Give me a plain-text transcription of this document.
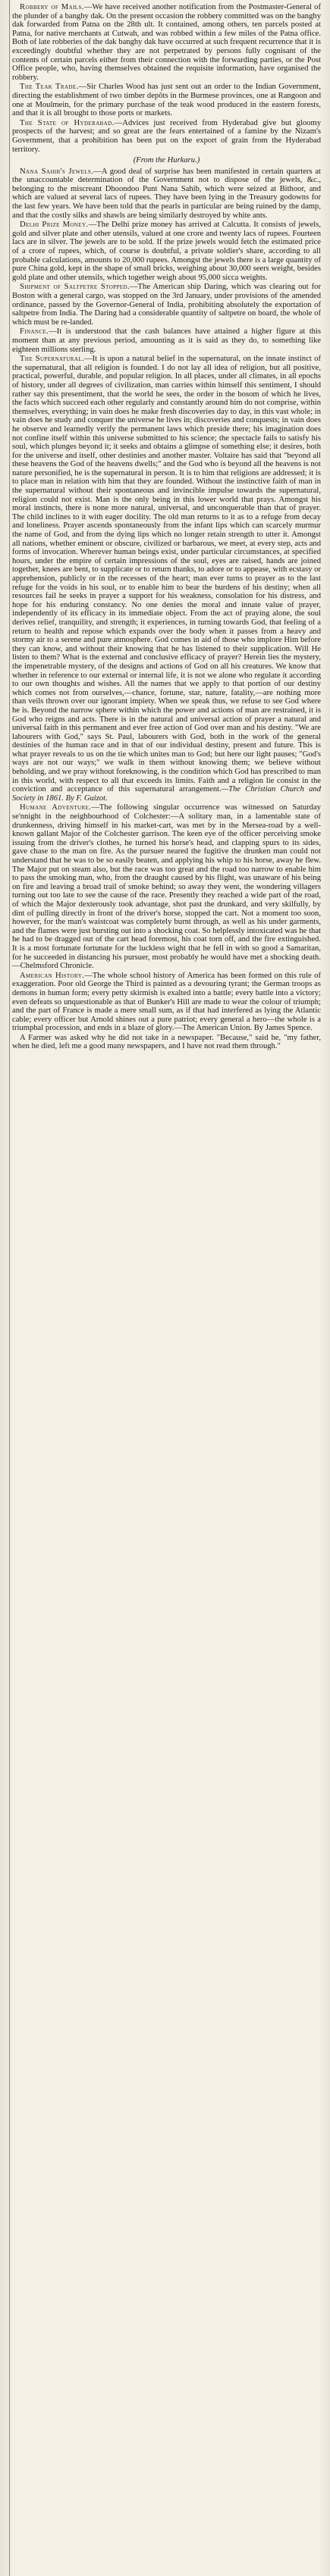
Robbery of Mails.—We have received another notification from the Postmaster-General of the plunder of a banghy dak. On the present occasion the robbery committed was on the banghy dak forwarded from Patna on the 28th ult. It contained, among others, ten parcels posted at Patna, for native merchants at Cutwah, and was robbed within a few miles of the Patna office. Both of late robberies of the dak banghy dak have occurred at such frequent recurrence that it is exceedingly doubtful whether they are not perpetrated by persons fully cognisant of the contents of certain parcels either from their connection with the forwarding parties, or the Post Office people, who, having themselves obtained the requisite information, have organised the robbery.

The Teak Trade.—Sir Charles Wood has just sent out an order to the Indian Government, directing the establishment of two timber depôts in the Burmese provinces, one at Rangoon and one at Moulmein, for the primary purchase of the teak wood produced in the eastern forests, and that it is all brought to those ports or markets.

The State of Hyderabad.—Advices just received from Hyderabad give but gloomy prospects of the harvest; and so great are the fears entertained of a famine by the Nizam's Government, that a prohibition has been put on the export of grain from the Hyderabad territory.

(From the Hurkaru.)

Nana Sahib's Jewels.—A good deal of surprise has been manifested in certain quarters at the unaccountable determination of the Government not to dispose of the jewels, &c., belonging to the miscreant Dhoondoo Punt Nana Sahib, which were seized at Bithoor, and which are valued at several lacs of rupees. They have been lying in the Treasury godowns for the last few years. We have been told that the pearls in particular are being ruined by the damp, and that the costly silks and shawls are being similarly destroyed by white ants.

Delhi Prize Money.—The Delhi prize money has arrived at Calcutta. It consists of jewels, gold and silver plate and other utensils, valued at one crore and twenty lacs of rupees. Fourteen lacs are in silver. The jewels are to be sold. If the prize jewels would fetch the estimated price of a crore of rupees, which, of course is doubtful, a private soldier's share, according to all probable calculations, amounts to 20,000 rupees. Amongst the jewels there is a large quantity of pure China gold, kept in the shape of small bricks, weighing about 30,000 seers weight, besides gold plate and other utensils, which together weigh about 95,000 sicca weights.

Shipment of Saltpetre Stopped.—The American ship Daring, which was clearing out for Boston with a general cargo, was stopped on the 3rd January, under provisions of the amended ordinance, passed by the Governor-General of India, prohibiting absolutely the exportation of saltpetre from India. The Daring had a considerable quantity of saltpetre on board, the whole of which must be re-landed.

Finance.—It is understood that the cash balances have attained a higher figure at this moment than at any previous period, amounting as it is said as they do, to something like eighteen millions sterling.

The Supernatural.—It is upon a natural belief in the supernatural, on the innate instinct of the supernatural, that all religion is founded. I do not lay all idea of religion, but all positive, practical, powerful, durable, and popular religion. In all places, under all climates, in all epochs of history, under all degrees of civilization, man carries within himself this sentiment, I should rather say this presentiment, that the world he sees, the order in the bosom of which he lives, the facts which succeed each other regularly and constantly around him do not comprise, within themselves, everything; in vain does he make fresh discoveries day to day, in this vast whole; in vain does he study and conquer the universe he lives in; discoveries and conquests; in vain does he observe and learnedly verify the permanent laws which preside there; his imagination does not confine itself within this universe submitted to his science; the spectacle fails to satisfy his soul, which plunges beyond it; it seeks and obtains a glimpse of something else; it desires, both for the universe and itself, other destinies and another master. Voltaire has said that "beyond all these heavens the God of the heavens dwells;" and the God who is beyond all the heavens is not nature personified, he is the supernatural in person. It is to him that religions are addressed; it is to place man in relation with him that they are founded. Without the instinctive faith of man in the supernatural without their spontaneous and invincible impulse towards the supernatural, religion could not exist. Man is the only being in this lower world that prays. Amongst his moral instincts, there is none more natural, universal, and unconquerable than that of prayer. The child inclines to it with eager docility. The old man returns to it as to a refuge from decay and loneliness. Prayer ascends spontaneously from the infant lips which can scarcely murmur the name of God, and from the dying lips which no longer retain strength to utter it. Amongst all nations, whether eminent or obscure, civilized or barbarous, we meet, at every step, acts and forms of invocation. Wherever human beings exist, under particular circumstances, at specified hours, under the empire of certain impressions of the soul, eyes are raised, hands are joined together, knees are bent, to supplicate or to return thanks, to adore or to appease, with ecstasy or apprehension, publicly or in the recesses of the heart; man ever turns to prayer as to the last refuge for the voids in his soul, or to enable him to bear the burdens of his destiny; when all resources fail he seeks in prayer a support for his weakness, consolation for his distress, and hope for his enduring constancy. No one denies the moral and innate value of prayer, independently of its efficacy in its immediate object. From the act of praying alone, the soul derives relief, tranquility, and strength; it experiences, in turning towards God, that feeling of a return to health and repose which expands over the body when it passes from a heavy and stormy air to a serene and pure atmosphere. God comes in aid of those who implore Him before they can know, and without their knowing that he has listened to their supplication. Will He listen to them? What is the external and conclusive efficacy of prayer? Herein lies the mystery, the impenetrable mystery, of the designs and actions of God on all his creatures. We know that whether in reference to our external or internal life, it is not we alone who regulate it according to our own thoughts and wishes. All the names that we apply to that portion of our destiny which comes not from ourselves,—chance, fortune, star, nature, fatality,—are nothing more than veils thrown over our ignorant impiety. When we speak thus, we refuse to see God where he is. Beyond the narrow sphere within which the power and actions of man are restrained, it is God who reigns and acts. There is in the natural and universal action of prayer a natural and universal faith in this permanent and ever free action of God over man and his destiny. "We are labourers with God," says St. Paul, labourers with God, both in the work of the general destinies of the human race and in that of our individual destiny, present and future. This is what prayer reveals to us on the tie which unites man to God; but here our light pauses; "God's ways are not our ways;" we walk in them without knowing them; we believe without beholding, and we pray without foreknowing, is the condition which God has prescribed to man in this world, with respect to all that exceeds its limits. Faith and a religion lie consist in the conviction and acceptance of this supernatural arrangement.—The Christian Church and Society in 1861. By F. Guizot.

Humane Adventure.—The following singular occurrence was witnessed on Saturday se'nnight in the neighbourhood of Colchester:—A solitary man, in a lamentable state of drunkenness, driving himself in his market-cart, was met by in the Mersea-road by a well-known gallant Major of the Colchester garrison. The keen eye of the officer perceiving smoke issuing from the driver's clothes, he turned his horse's head, and clapping spurs to its sides, gave chase to the man on fire. As the pursuer neared the fugitive the drunken man could not understand that he was to be so easily beaten, and applying his whip to his horse, away he flew. The Major put on steam also, but the race was too great and the road too narrow to enable him to pass the smoking man, who, from the draught caused by his flight, was unaware of his being on fire and leaving a broad trail of smoke behind; so away they went, the wondering villagers turning out too late to see the cause of the race. Presently they reached a wide part of the road, of which the Major dexterously took advantage, shot past the drunkard, and very skilfully, by dint of pulling directly in front of the driver's horse, stopped the cart. Not a moment too soon, however, for the man's waistcoat was completely burnt through, as well as his under garments, and the flames were just bursting out into a shocking coat. So helplessly intoxicated was he that he had to be dragged out of the cart head foremost, his coat torn off, and the fire extinguished. It is a most fortunate fortunate for the luckless wight that he fell in with so good a Samaritan, for he succeeded in distancing his pursuer, most probably he would have met a shocking death.—Chelmsford Chronicle.

American History.—The whole school history of America has been formed on this rule of exaggeration. Poor old George the Third is painted as a devouring tyrant; the German troops as demons in human form; every petty skirmish is exalted into a battle; every battle into a victory; even defeats so unquestionable as that of Bunker's Hill are made to wear the colour of triumph; and the part of France is made a mere small sum, as if that had interfered as lying the Atlantic cable; every officer but Arnold shines out a pure patriot; every general a hero—the whole is a triumphal procession, and ends in a blaze of glory.—The American Union. By James Spence.

A Farmer was asked why he did not take in a newspaper. "Because," said he, "my father, when he died, left me a good many newspapers, and I have not read them through."
